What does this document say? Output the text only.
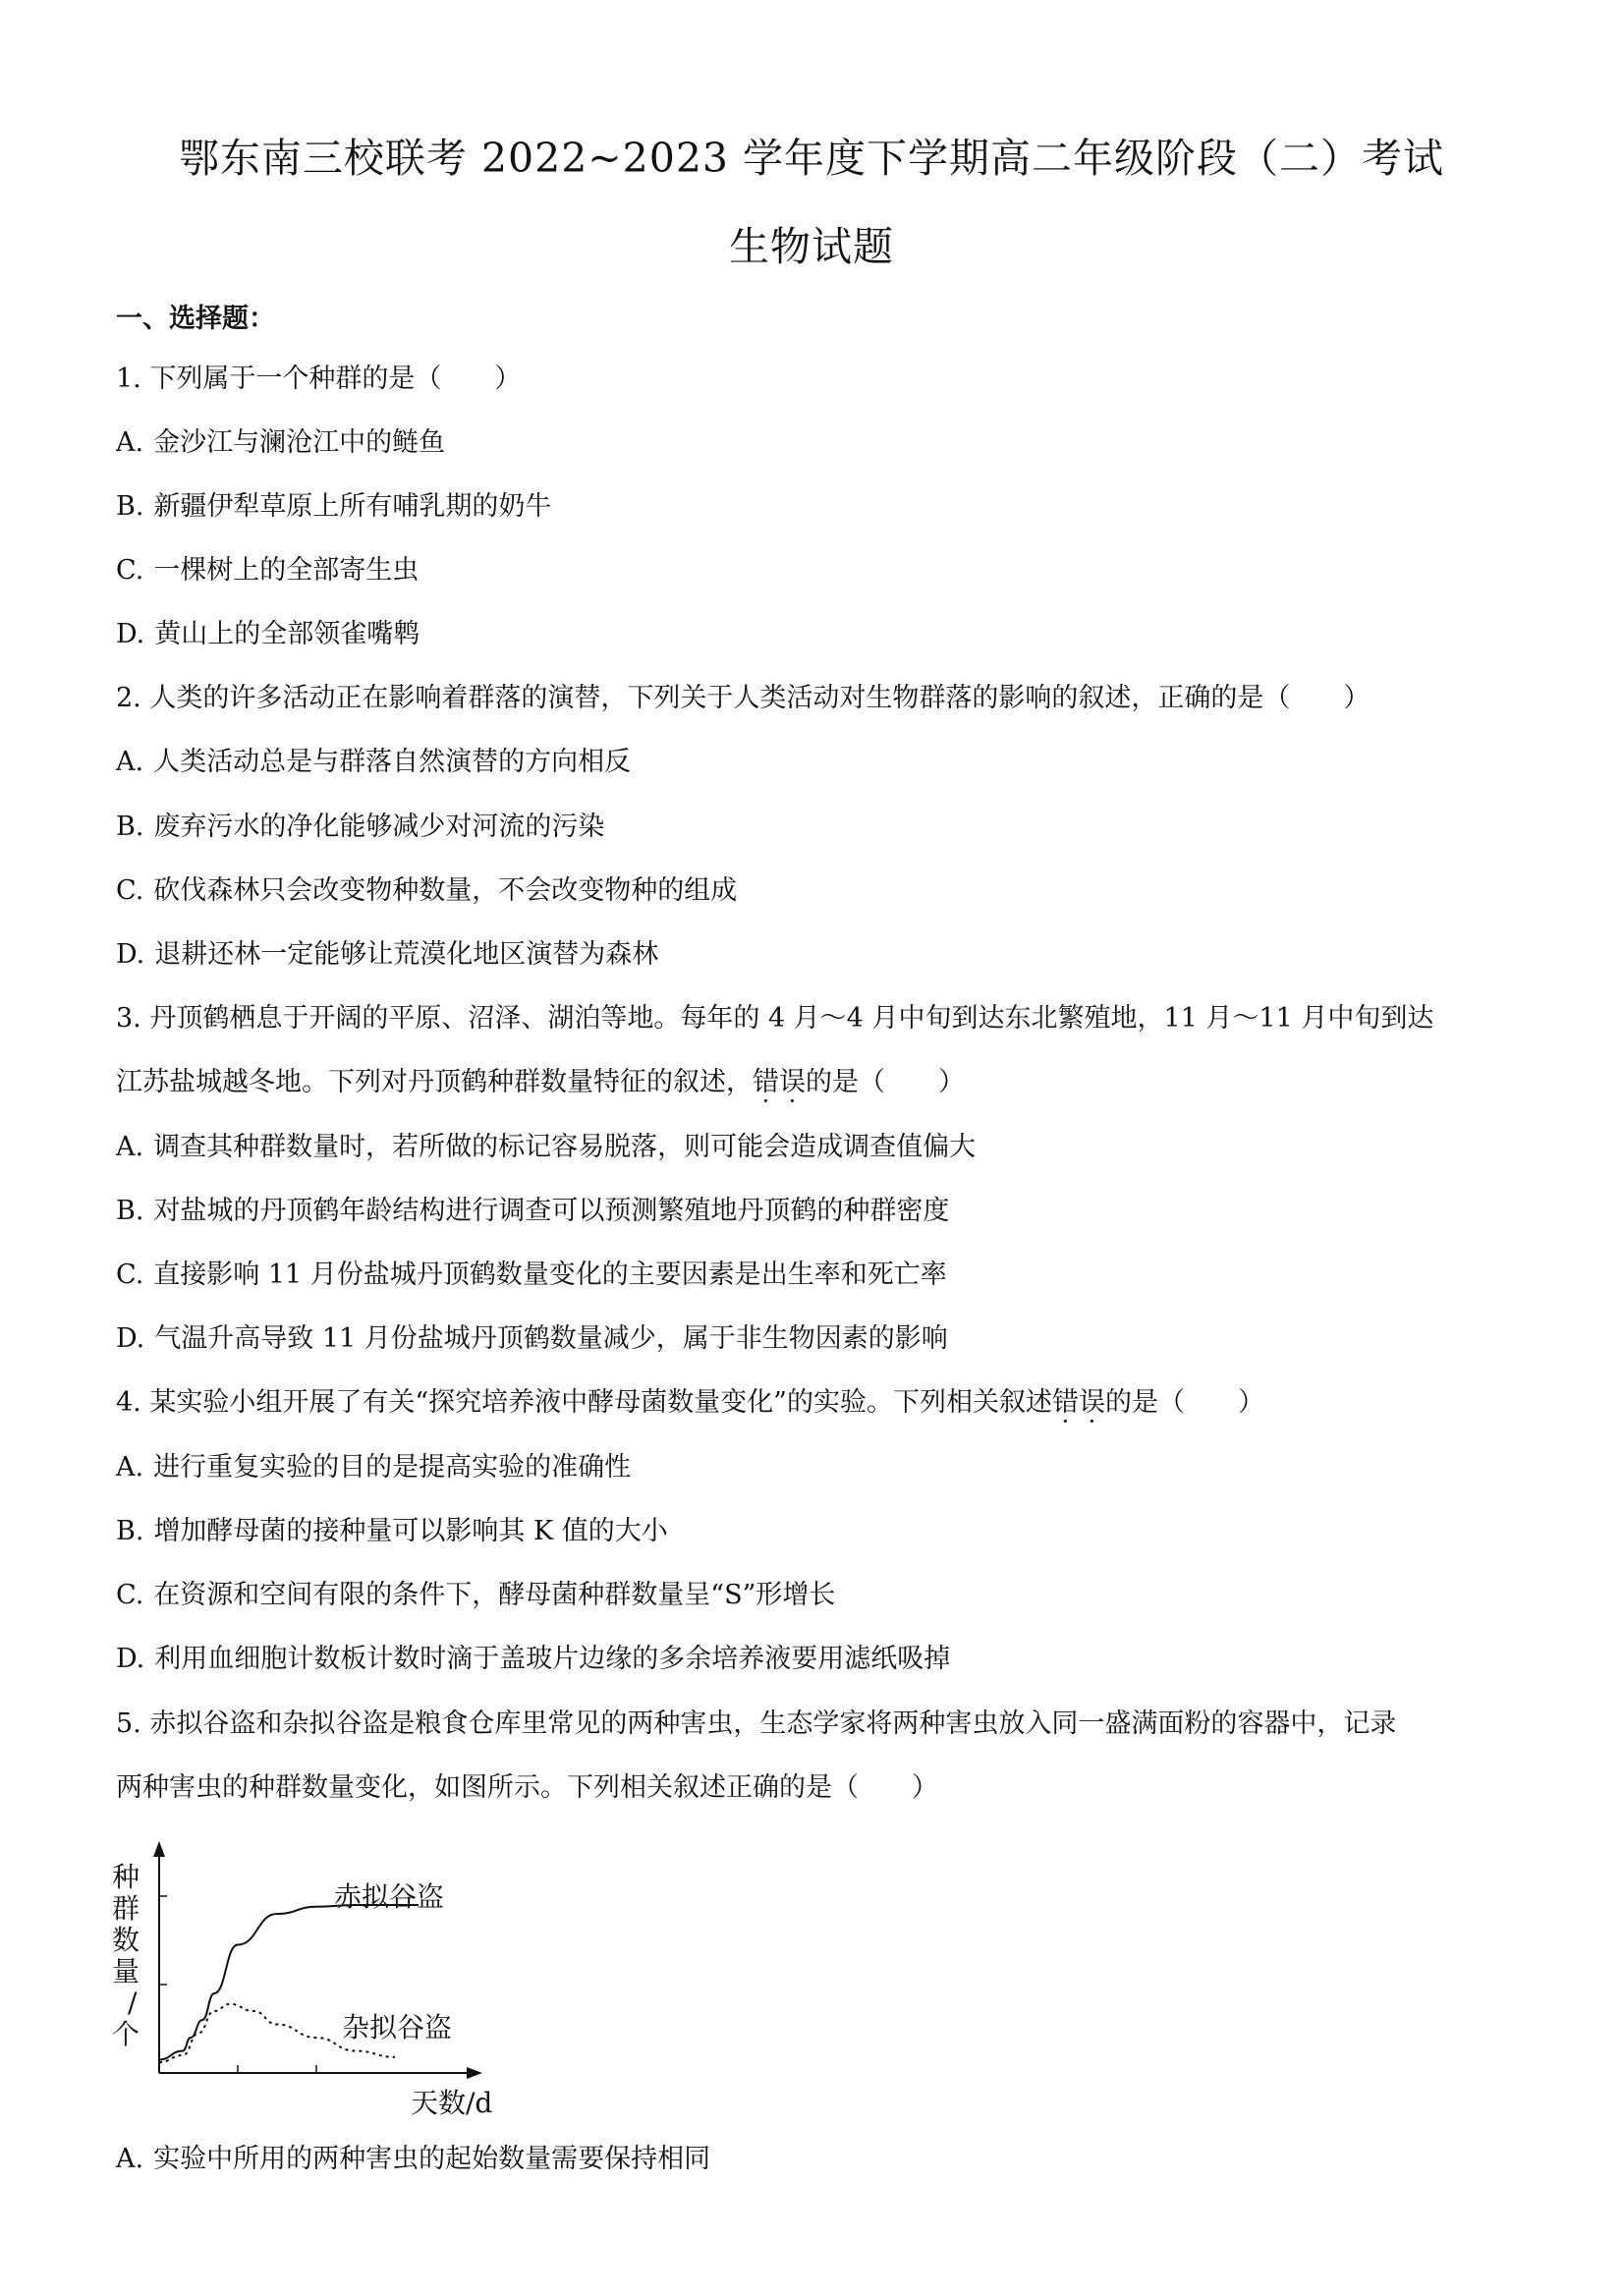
鄂东南三校联考 2022~2023 学年度下学期高二年级阶段（二）考试
生物试题
一、选择题：
1. 下列属于一个种群的是（　　）
A. 金沙江与澜沧江中的鲢鱼
B. 新疆伊犁草原上所有哺乳期的奶牛
C. 一棵树上的全部寄生虫
D. 黄山上的全部领雀嘴鹎
2. 人类的许多活动正在影响着群落的演替，下列关于人类活动对生物群落的影响的叙述，正确的是（　　）
A. 人类活动总是与群落自然演替的方向相反
B. 废弃污水的净化能够减少对河流的污染
C. 砍伐森林只会改变物种数量，不会改变物种的组成
D. 退耕还林一定能够让荒漠化地区演替为森林
3. 丹顶鹤栖息于开阔的平原、沼泽、湖泊等地。每年的 4 月～4 月中旬到达东北繁殖地，11 月～11 月中旬到达
江苏盐城越冬地。下列对丹顶鹤种群数量特征的叙述，错误的是（　　）
A. 调查其种群数量时，若所做的标记容易脱落，则可能会造成调查值偏大
B. 对盐城的丹顶鹤年龄结构进行调查可以预测繁殖地丹顶鹤的种群密度
C. 直接影响 11 月份盐城丹顶鹤数量变化的主要因素是出生率和死亡率
D. 气温升高导致 11 月份盐城丹顶鹤数量减少，属于非生物因素的影响
4. 某实验小组开展了有关“探究培养液中酵母菌数量变化”的实验。下列相关叙述错误的是（　　）
A. 进行重复实验的目的是提高实验的准确性
B. 增加酵母菌的接种量可以影响其 K 值的大小
C. 在资源和空间有限的条件下，酵母菌种群数量呈“S”形增长
D. 利用血细胞计数板计数时滴于盖玻片边缘的多余培养液要用滤纸吸掉
5. 赤拟谷盗和杂拟谷盗是粮食仓库里常见的两种害虫，生态学家将两种害虫放入同一盛满面粉的容器中，记录
两种害虫的种群数量变化，如图所示。下列相关叙述正确的是（　　）
赤拟谷盗
杂拟谷盗
天数/d
种群数量/个
A. 实验中所用的两种害虫的起始数量需要保持相同
